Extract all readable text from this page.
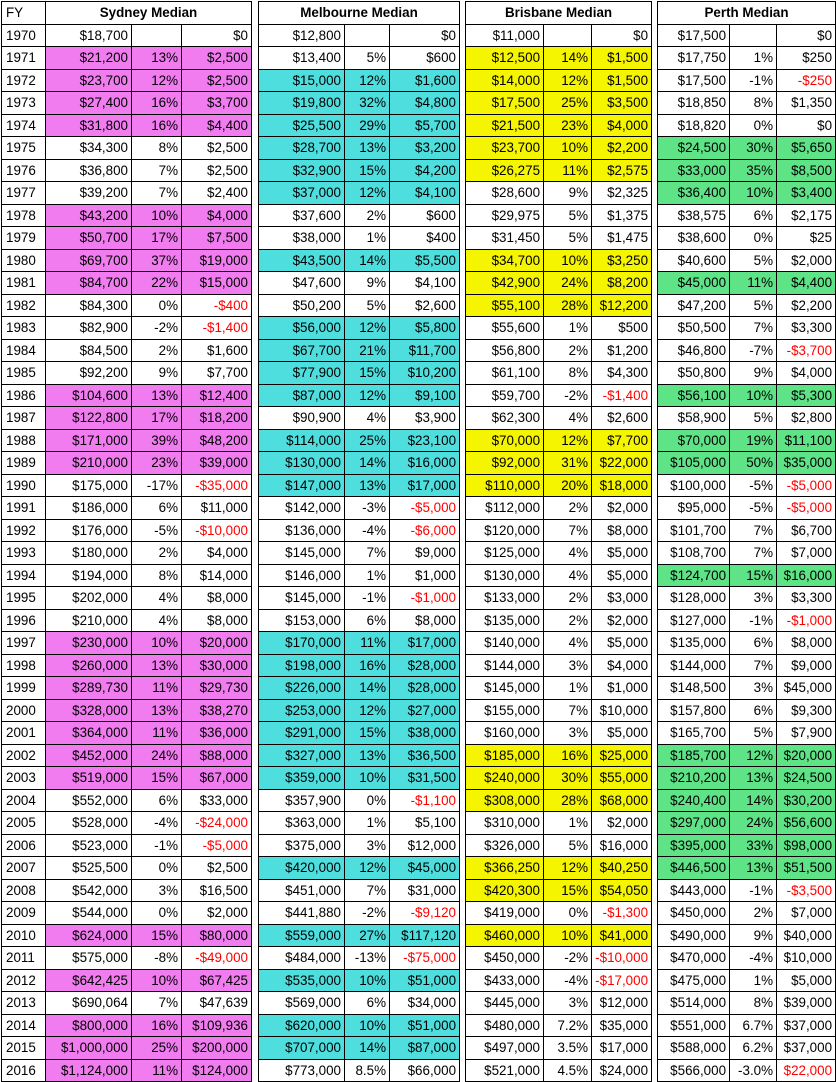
FY	Sydney Median				Melbourne Median				Brisbane Median				Perth Median		
1970	$18,700		$0		$12,800		$0		$11,000		$0		$17,500		$0
1971	$21,200	13%	$2,500		$13,400	5%	$600		$12,500	14%	$1,500		$17,750	1%	$250
1972	$23,700	12%	$2,500		$15,000	12%	$1,600		$14,000	12%	$1,500		$17,500	-1%	-$250
1973	$27,400	16%	$3,700		$19,800	32%	$4,800		$17,500	25%	$3,500		$18,850	8%	$1,350
1974	$31,800	16%	$4,400		$25,500	29%	$5,700		$21,500	23%	$4,000		$18,820	0%	$0
1975	$34,300	8%	$2,500		$28,700	13%	$3,200		$23,700	10%	$2,200		$24,500	30%	$5,650
1976	$36,800	7%	$2,500		$32,900	15%	$4,200		$26,275	11%	$2,575		$33,000	35%	$8,500
1977	$39,200	7%	$2,400		$37,000	12%	$4,100		$28,600	9%	$2,325		$36,400	10%	$3,400
1978	$43,200	10%	$4,000		$37,600	2%	$600		$29,975	5%	$1,375		$38,575	6%	$2,175
1979	$50,700	17%	$7,500		$38,000	1%	$400		$31,450	5%	$1,475		$38,600	0%	$25
1980	$69,700	37%	$19,000		$43,500	14%	$5,500		$34,700	10%	$3,250		$40,600	5%	$2,000
1981	$84,700	22%	$15,000		$47,600	9%	$4,100		$42,900	24%	$8,200		$45,000	11%	$4,400
1982	$84,300	0%	-$400		$50,200	5%	$2,600		$55,100	28%	$12,200		$47,200	5%	$2,200
1983	$82,900	-2%	-$1,400		$56,000	12%	$5,800		$55,600	1%	$500		$50,500	7%	$3,300
1984	$84,500	2%	$1,600		$67,700	21%	$11,700		$56,800	2%	$1,200		$46,800	-7%	-$3,700
1985	$92,200	9%	$7,700		$77,900	15%	$10,200		$61,100	8%	$4,300		$50,800	9%	$4,000
1986	$104,600	13%	$12,400		$87,000	12%	$9,100		$59,700	-2%	-$1,400		$56,100	10%	$5,300
1987	$122,800	17%	$18,200		$90,900	4%	$3,900		$62,300	4%	$2,600		$58,900	5%	$2,800
1988	$171,000	39%	$48,200		$114,000	25%	$23,100		$70,000	12%	$7,700		$70,000	19%	$11,100
1989	$210,000	23%	$39,000		$130,000	14%	$16,000		$92,000	31%	$22,000		$105,000	50%	$35,000
1990	$175,000	-17%	-$35,000		$147,000	13%	$17,000		$110,000	20%	$18,000		$100,000	-5%	-$5,000
1991	$186,000	6%	$11,000		$142,000	-3%	-$5,000		$112,000	2%	$2,000		$95,000	-5%	-$5,000
1992	$176,000	-5%	-$10,000		$136,000	-4%	-$6,000		$120,000	7%	$8,000		$101,700	7%	$6,700
1993	$180,000	2%	$4,000		$145,000	7%	$9,000		$125,000	4%	$5,000		$108,700	7%	$7,000
1994	$194,000	8%	$14,000		$146,000	1%	$1,000		$130,000	4%	$5,000		$124,700	15%	$16,000
1995	$202,000	4%	$8,000		$145,000	-1%	-$1,000		$133,000	2%	$3,000		$128,000	3%	$3,300
1996	$210,000	4%	$8,000		$153,000	6%	$8,000		$135,000	2%	$2,000		$127,000	-1%	-$1,000
1997	$230,000	10%	$20,000		$170,000	11%	$17,000		$140,000	4%	$5,000		$135,000	6%	$8,000
1998	$260,000	13%	$30,000		$198,000	16%	$28,000		$144,000	3%	$4,000		$144,000	7%	$9,000
1999	$289,730	11%	$29,730		$226,000	14%	$28,000		$145,000	1%	$1,000		$148,500	3%	$45,000
2000	$328,000	13%	$38,270		$253,000	12%	$27,000		$155,000	7%	$10,000		$157,800	6%	$9,300
2001	$364,000	11%	$36,000		$291,000	15%	$38,000		$160,000	3%	$5,000		$165,700	5%	$7,900
2002	$452,000	24%	$88,000		$327,000	13%	$36,500		$185,000	16%	$25,000		$185,700	12%	$20,000
2003	$519,000	15%	$67,000		$359,000	10%	$31,500		$240,000	30%	$55,000		$210,200	13%	$24,500
2004	$552,000	6%	$33,000		$357,900	0%	-$1,100		$308,000	28%	$68,000		$240,400	14%	$30,200
2005	$528,000	-4%	-$24,000		$363,000	1%	$5,100		$310,000	1%	$2,000		$297,000	24%	$56,600
2006	$523,000	-1%	-$5,000		$375,000	3%	$12,000		$326,000	5%	$16,000		$395,000	33%	$98,000
2007	$525,500	0%	$2,500		$420,000	12%	$45,000		$366,250	12%	$40,250		$446,500	13%	$51,500
2008	$542,000	3%	$16,500		$451,000	7%	$31,000		$420,300	15%	$54,050		$443,000	-1%	-$3,500
2009	$544,000	0%	$2,000		$441,880	-2%	-$9,120		$419,000	0%	-$1,300		$450,000	2%	$7,000
2010	$624,000	15%	$80,000		$559,000	27%	$117,120		$460,000	10%	$41,000		$490,000	9%	$40,000
2011	$575,000	-8%	-$49,000		$484,000	-13%	-$75,000		$450,000	-2%	-$10,000		$470,000	-4%	$10,000
2012	$642,425	10%	$67,425		$535,000	10%	$51,000		$433,000	-4%	-$17,000		$475,000	1%	$5,000
2013	$690,064	7%	$47,639		$569,000	6%	$34,000		$445,000	3%	$12,000		$514,000	8%	$39,000
2014	$800,000	16%	$109,936		$620,000	10%	$51,000		$480,000	7.2%	$35,000		$551,000	6.7%	$37,000
2015	$1,000,000	25%	$200,000		$707,000	14%	$87,000		$497,000	3.5%	$17,000		$588,000	6.2%	$37,000
2016	$1,124,000	11%	$124,000		$773,000	8.5%	$66,000		$521,000	4.5%	$24,000		$566,000	-3.0%	$22,000
